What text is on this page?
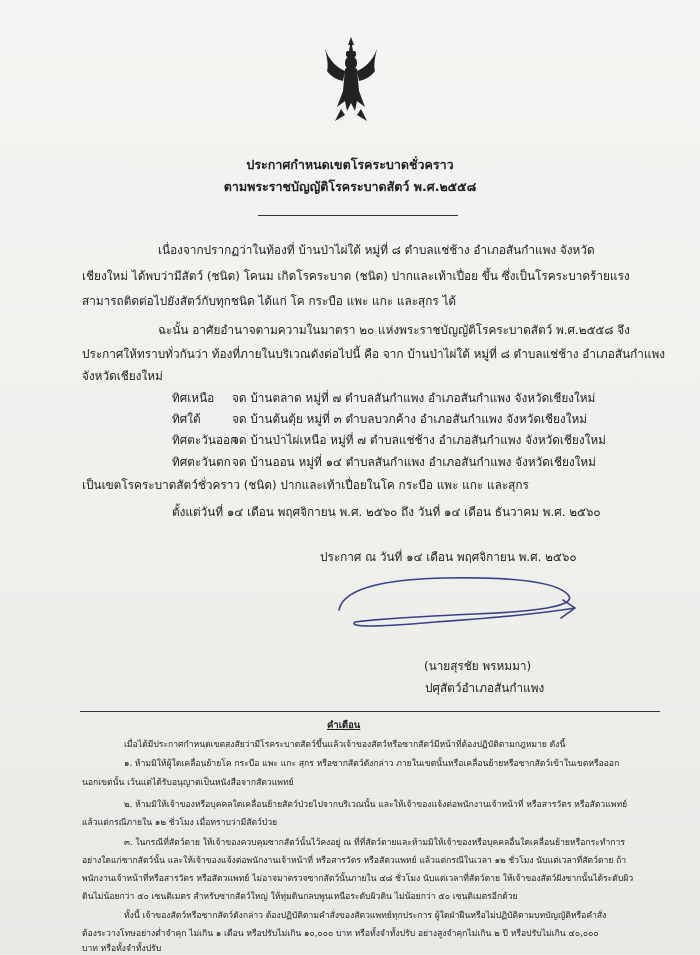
ประกาศกำหนดเขตโรคระบาดชั่วคราว
ตามพระราชบัญญัติโรคระบาดสัตว์ พ.ศ.๒๕๕๘
เนื่องจากปรากฏว่าในท้องที่ บ้านป่าไผ่ใต้ หมู่ที่ ๘ ตำบลแช่ช้าง อำเภอสันกำแพง จังหวัด
เชียงใหม่ ได้พบว่ามีสัตว์ (ชนิด) โคนม เกิดโรคระบาด (ชนิด) ปากและเท้าเปื่อย ขึ้น ซึ่งเป็นโรคระบาดร้ายแรง
สามารถติดต่อไปยังสัตว์กับทุกชนิด ได้แก่ โค กระบือ แพะ แกะ และสุกร ได้
ฉะนั้น อาศัยอำนาจตามความในมาตรา ๒๐ แห่งพระราชบัญญัติโรคระบาดสัตว์ พ.ศ.๒๕๕๘ จึง
ประกาศให้ทราบทั่วกันว่า ท้องที่ภายในบริเวณดังต่อไปนี้ คือ จาก บ้านป่าไผ่ใต้ หมู่ที่ ๘ ตำบลแช่ช้าง อำเภอสันกำแพง
จังหวัดเชียงใหม่
ทิศเหนือ จด บ้านตลาด หมู่ที่ ๗ ตำบลสันกำแพง อำเภอสันกำแพง จังหวัดเชียงใหม่
ทิศใต้	จด บ้านต้นตุ้ย หมู่ที่ ๓ ตำบลบวกค้าง อำเภอสันกำแพง จังหวัดเชียงใหม่
ทิศตะวันออก
จด บ้านป่าไผ่เหนือ หมู่ที่ ๗ ตำบลแช่ช้าง อำเภอสันกำแพง จังหวัดเชียงใหม่
ทิศตะวันตก จด บ้านออน หมู่ที่ ๑๔ ตำบลสันกำแพง อำเภอสันกำแพง จังหวัดเชียงใหม่
เป็นเขตโรคระบาดสัตว์ชั่วคราว (ชนิด) ปากและเท้าเปื่อยในโค กระบือ แพะ แกะ และสุกร
ตั้งแต่วันที่ ๑๔ เดือน พฤศจิกายน พ.ศ. ๒๕๖๐ ถึง วันที่ ๑๔ เดือน ธันวาคม พ.ศ. ๒๕๖๐
ประกาศ ณ วันที่ ๑๔ เดือน พฤศจิกายน พ.ศ. ๒๕๖๐
(นายสุรชัย พรหมมา)
ปศุสัตว์อำเภอสันกำแพง
คำเตือน
เมื่อได้มีประกาศกำหนดเขตสงสัยว่ามีโรคระบาดสัตว์ขึ้นแล้วเจ้าของสัตว์หรือซากสัตว์มีหน้าที่ต้องปฏิบัติตามกฎหมาย ดังนี้
๑. ห้ามมิให้ผู้ใดเคลื่อนย้ายโค กระบือ แพะ แกะ สุกร หรือซากสัตว์ดังกล่าว ภายในเขตนั้นหรือเคลื่อนย้ายหรือซากสัตว์เข้าในเขตหรือออก
นอกเขตนั้น เว้นแต่ได้รับอนุญาตเป็นหนังสือจากสัตวแพทย์
๒. ห้ามมิให้เจ้าของหรือบุคคลใดเคลื่อนย้ายสัตว์ป่วยไปจากบริเวณนั้น และให้เจ้าของแจ้งต่อพนักงานเจ้าหน้าที่ หรือสารวัตร หรือสัตวแพทย์
แล้วแต่กรณีภายใน ๑๒ ชั่วโมง เมื่อทราบว่ามีสัตว์ป่วย
๓. ในกรณีที่สัตว์ตาย ให้เจ้าของควบคุมซากสัตว์นั้นไว้คงอยู่ ณ ที่ที่สัตว์ตายและห้ามมิให้เจ้าของหรือบุคคลอื่นใดเคลื่อนย้ายหรือกระทำการ
อย่างใดแก่ซากสัตว์นั้น และให้เจ้าของแจ้งต่อพนักงานเจ้าหน้าที่ หรือสารวัตร หรือสัตวแพทย์ แล้วแต่กรณีในเวลา ๑๒ ชั่วโมง นับแต่เวลาที่สัตว์ตาย ถ้า
พนักงานเจ้าหน้าที่หรือสารวัตร หรือสัตวแพทย์ ไม่อาจมาตรวจซากสัตว์นั้นภายใน ๔๘ ชั่วโมง นับแต่เวลาที่สัตว์ตาย ให้เจ้าของสัตว์ฝังซากนั้นได้ระดับผิว
ดินไม่น้อยกว่า ๕๐ เซนติเมตร สำหรับซากสัตว์ใหญ่ ให้ทุ่มดินกลบพูนเหนือระดับผิวดิน ไม่น้อยกว่า ๕๐ เซนติเมตรอีกด้วย
ทั้งนี้ เจ้าของสัตว์หรือซากสัตว์ดังกล่าว ต้องปฏิบัติตามคำสั่งของสัตวแพทย์ทุกประการ ผู้ใดฝ่าฝืนหรือไม่ปฏิบัติตามบทบัญญัติหรือคำสั่ง
ต้องระวางโทษอย่างต่ำจำคุก ไม่เกิน ๑ เดือน หรือปรับไม่เกิน ๑๐,๐๐๐ บาท หรือทั้งจำทั้งปรับ อย่างสูงจำคุกไม่เกิน ๒ ปี หรือปรับไม่เกิน ๔๐,๐๐๐
บาท หรือทั้งจำทั้งปรับ
